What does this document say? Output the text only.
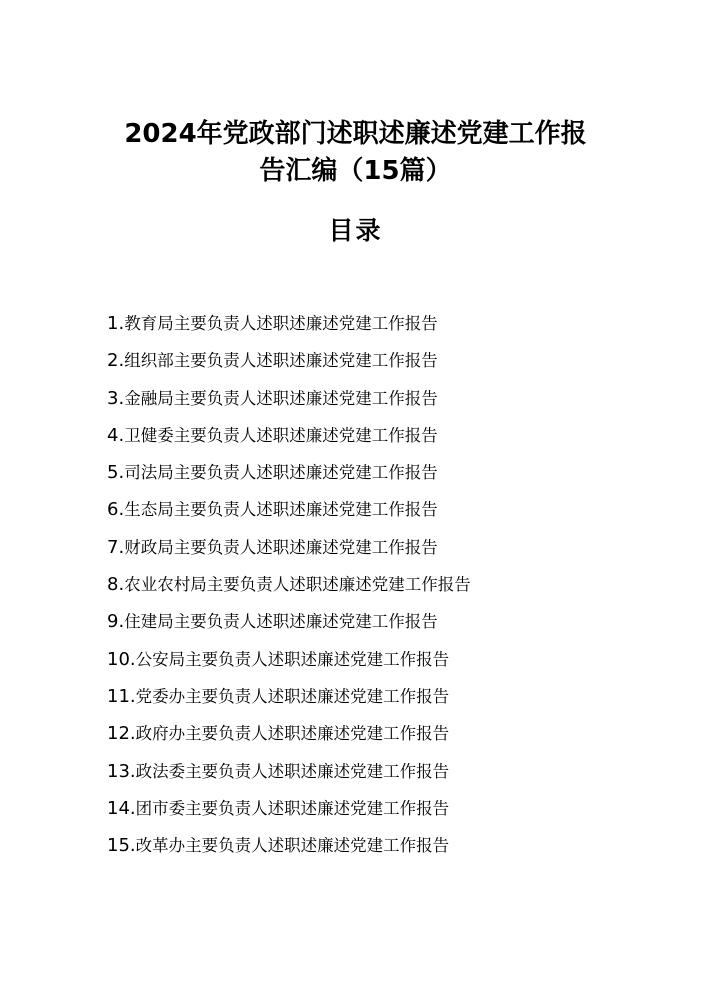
2024年党政部门述职述廉述党建工作报
告汇编（15篇）
目录
1.教育局主要负责人述职述廉述党建工作报告
2.组织部主要负责人述职述廉述党建工作报告
3.金融局主要负责人述职述廉述党建工作报告
4.卫健委主要负责人述职述廉述党建工作报告
5.司法局主要负责人述职述廉述党建工作报告
6.生态局主要负责人述职述廉述党建工作报告
7.财政局主要负责人述职述廉述党建工作报告
8.农业农村局主要负责人述职述廉述党建工作报告
9.住建局主要负责人述职述廉述党建工作报告
10.公安局主要负责人述职述廉述党建工作报告
11.党委办主要负责人述职述廉述党建工作报告
12.政府办主要负责人述职述廉述党建工作报告
13.政法委主要负责人述职述廉述党建工作报告
14.团市委主要负责人述职述廉述党建工作报告
15.改革办主要负责人述职述廉述党建工作报告
